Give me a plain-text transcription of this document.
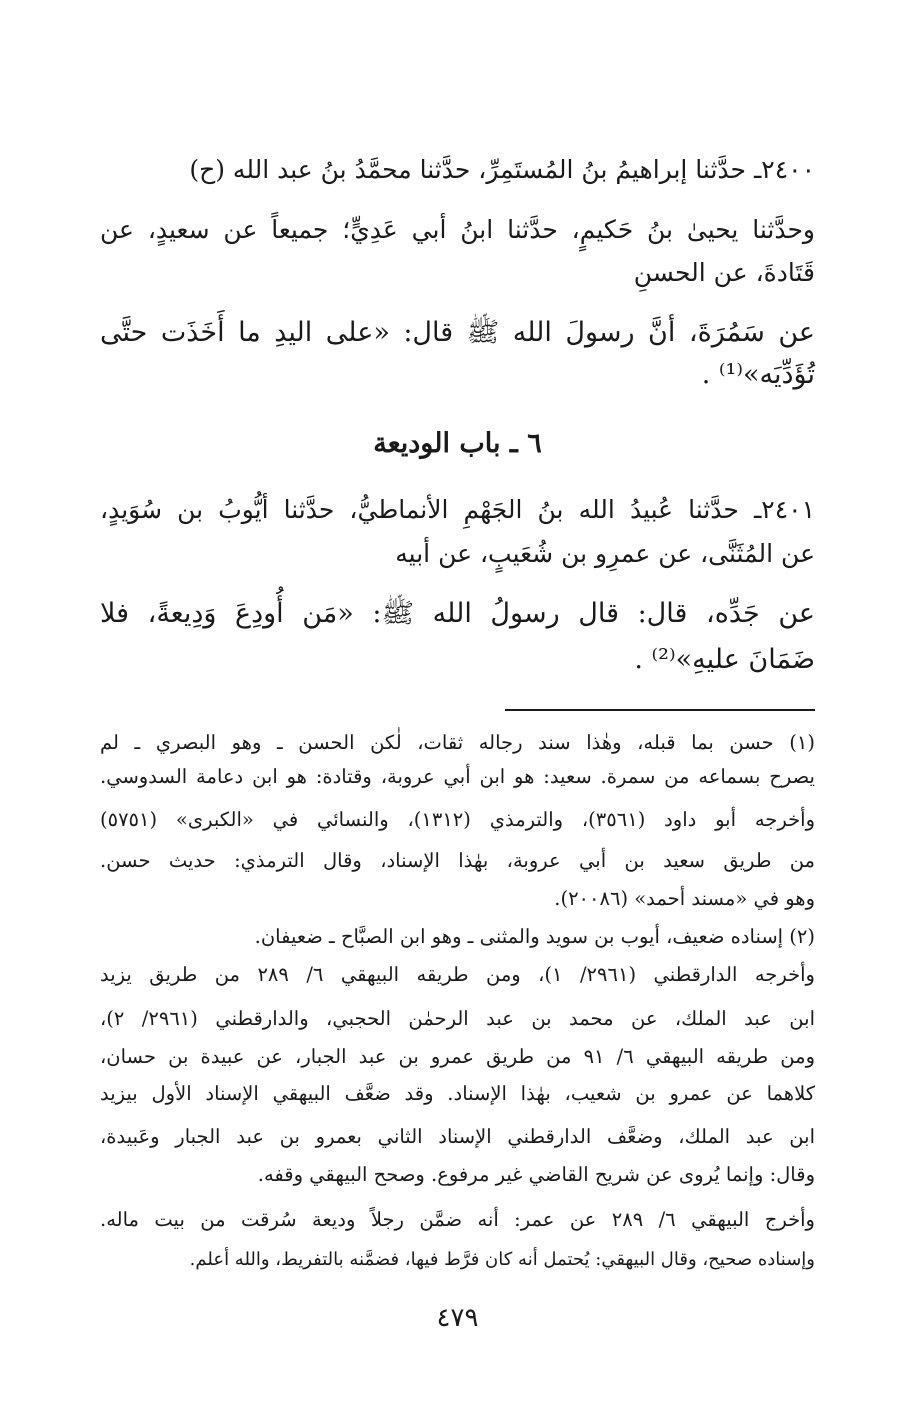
٢٤٠٠ـ حدَّثنا إبراهيمُ بنُ المُستَمِرِّ، حدَّثنا محمَّدُ بنُ عبد الله (ح)
وحدَّثنا يحيىٰ بنُ حَكيمٍ، حدَّثنا ابنُ أبي عَدِيٍّ؛ جميعاً عن سعيدٍ، عن
قَتَادةَ، عن الحسنِ
عن سَمُرَةَ، أنَّ رسولَ الله ﷺ قال: «على اليدِ ما أَخَذَت حتَّى
تُؤَدِّيَه»⁽¹⁾ .
٦ ـ باب الوديعة
٢٤٠١ـ حدَّثنا عُبيدُ الله بنُ الجَهْمِ الأنماطيُّ، حدَّثنا أيُّوبُ بن سُوَيدٍ،
عن المُثَنَّى، عن عمرِو بن شُعَيبٍ، عن أبيه
عن جَدِّه، قال: قال رسولُ الله ﷺ: «مَن أُودِعَ وَدِيعةً، فلا
ضَمَانَ عليهِ»⁽²⁾ .
(١) حسن بما قبله، وهٰذا سند رجاله ثقات، لٰكن الحسن ـ وهو البصري ـ لم
يصرح بسماعه من سمرة. سعيد: هو ابن أبي عروبة، وقتادة: هو ابن دعامة السدوسي.
وأخرجه أبو داود (٣٥٦١)، والترمذي (١٣١٢)، والنسائي في «الكبرى» (٥٧٥١)
من طريق سعيد بن أبي عروبة، بهٰذا الإسناد، وقال الترمذي: حديث حسن.
وهو في «مسند أحمد» (٢٠٠٨٦).
(٢) إسناده ضعيف، أيوب بن سويد والمثنى ـ وهو ابن الصبَّاح ـ ضعيفان.
وأخرجه الدارقطني (٢٩٦١/ ١)، ومن طريقه البيهقي ٦/ ٢٨٩ من طريق يزيد
ابن عبد الملك، عن محمد بن عبد الرحمٰن الحجبي، والدارقطني (٢٩٦١/ ٢)،
ومن طريقه البيهقي ٦/ ٩١ من طريق عمرو بن عبد الجبار، عن عبيدة بن حسان،
كلاهما عن عمرو بن شعيب، بهٰذا الإسناد. وقد ضعَّف البيهقي الإسناد الأول بيزيد
ابن عبد الملك، وضعَّف الدارقطني الإسناد الثاني بعمرو بن عبد الجبار وعَبيدة،
وقال: وإنما يُروى عن شريح القاضي غير مرفوع. وصحح البيهقي وقفه.
وأخرج البيهقي ٦/ ٢٨٩ عن عمر: أنه ضمَّن رجلاً وديعة سُرقت من بيت ماله.
وإسناده صحيح، وقال البيهقي: يُحتمل أنه كان فرَّط فيها، فضمَّنه بالتفريط، والله أعلم.
٤٧٩
